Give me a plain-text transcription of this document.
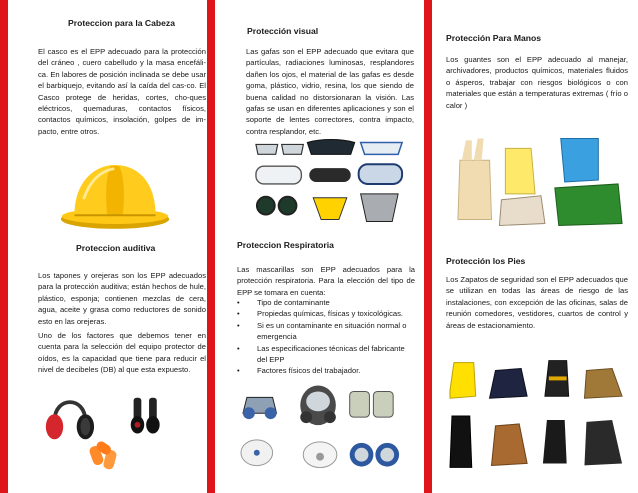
Proteccion para la Cabeza

El casco es el EPP adecuado para la protección del cráneo , cuero cabelludo y la masa encefáli-ca. En labores de posición inclinada se debe usar el barbiquejo, evitando así la caída del cas-co. El Casco protege de heridas, cortes, cho-ques eléctricos, quemaduras, contactos físicos, contactos químicos, insolación, golpes de im-pacto, entre otros.

Proteccion auditiva

Los tapones y orejeras son los EPP adecuados para la protección auditiva; están hechos de hule, plástico, esponja; contienen mezclas de cera, agua, aceite y grasa como reductores de sonido esto en las orejeras.
Uno de los factores que debemos tener en cuenta para la selección del equipo protector de oídos, es la capacidad que tiene para reducir el nivel de decibeles (DB) al que esta expuesto.

Protección visual

Las gafas son el EPP adecuado que evitara que partículas, radiaciones luminosas, resplandores dañen los ojos, el material de las gafas es desde goma, plástico, vidrio, resina, los que siendo de buena calidad no distorsionaran la visión. Las gafas se usan en diferentes aplicaciones y son el soporte de lentes correctores, contra impacto, contra resplandor, etc.

Proteccion Respiratoria

Las mascarillas son EPP adecuados para la protección respiratoria. Para la elección del tipo de EPP se tomara en cuenta:

• Tipo de contaminante
• Propiedas químicas, físicas y toxicológicas.
• Si es un contaminante en situación normal o emergencia
• Las especificaciones técnicas del fabricante del EPP
• Factores físicos del trabajador.

Protección Para Manos

Los guantes son el EPP adecuado al manejar, archivadores, productos químicos, materiales fluidos o ásperos, trabajar con riesgos biológicos o con materiales que están a temperaturas extremas ( frío o calor )

Protección los Pies

Los Zapatos de seguridad son el EPP adecuados que se utilizan en todas las áreas de riesgo de las instalaciones, con excepción de las oficinas, salas de reunión comedores, vestidores, cuartos de control y áreas de estacionamiento.
